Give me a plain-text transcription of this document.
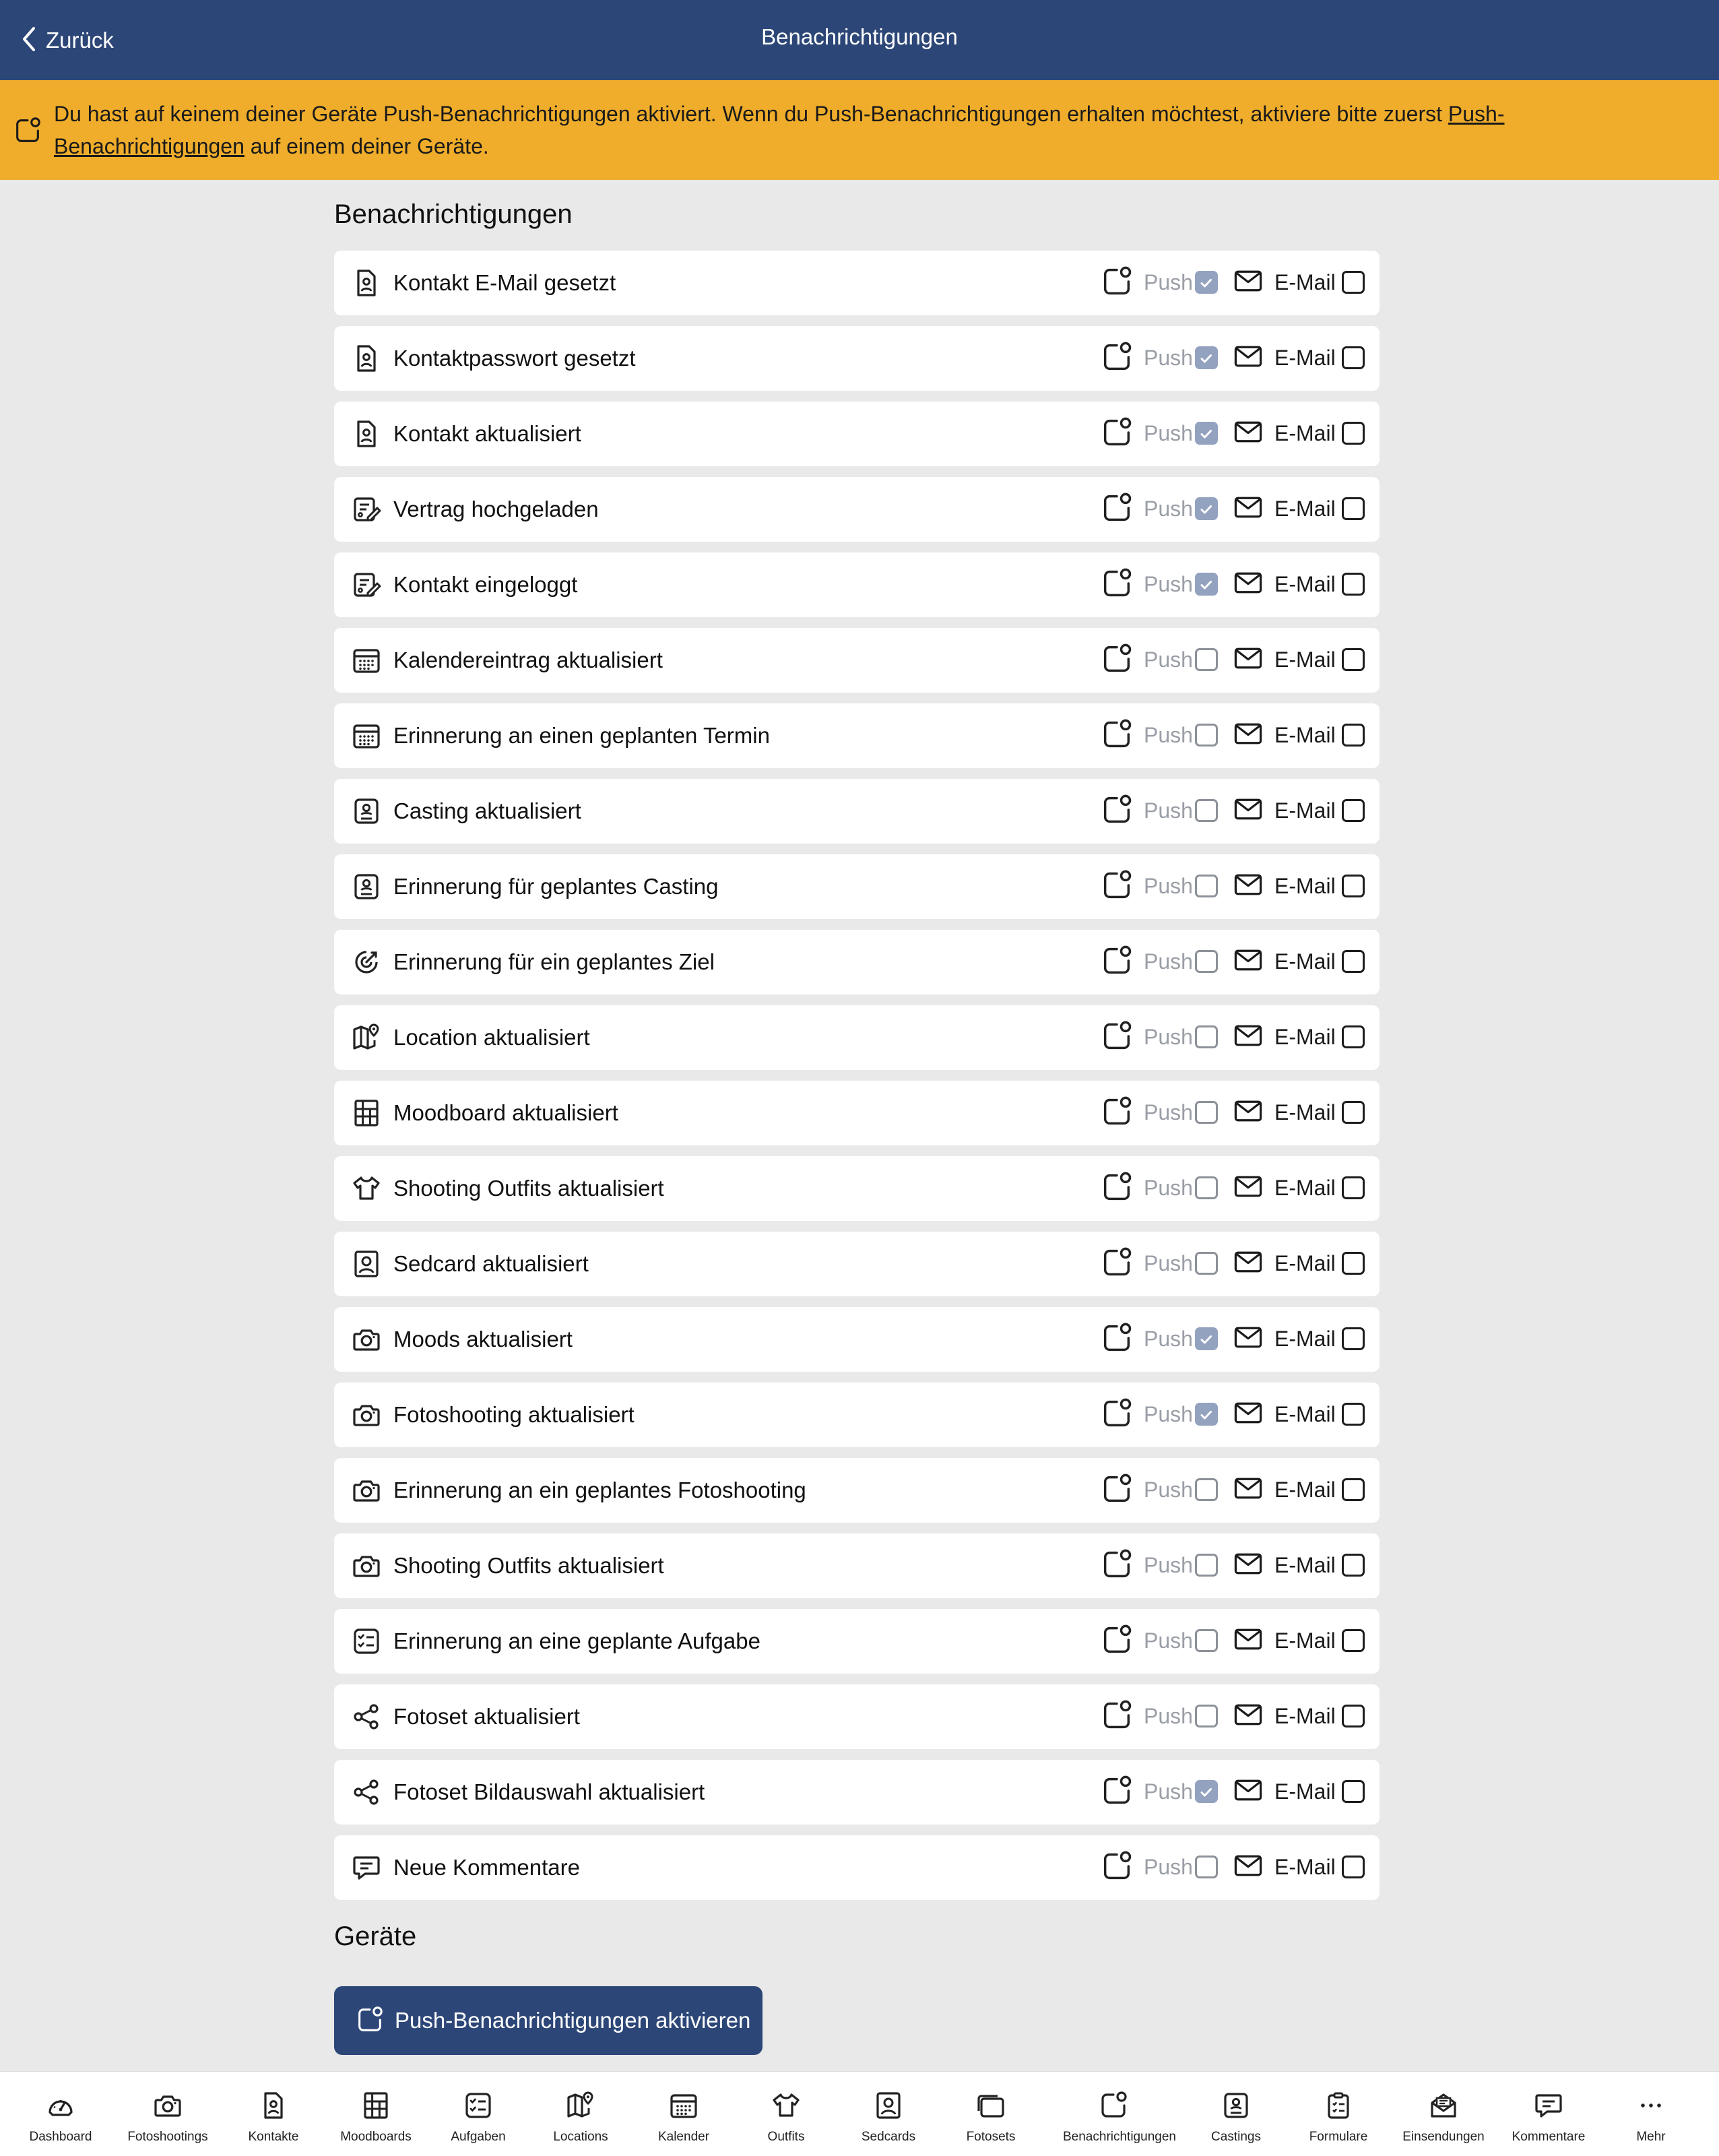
Zurück	Benachrichtigungen
Du hast auf keinem deiner Geräte Push-Benachrichtigungen aktiviert. Wenn du Push-Benachrichtigungen erhalten möchtest, aktiviere bitte zuerst Push-Benachrichtigungen auf einem deiner Geräte.
Benachrichtigungen
Kontakt E-Mail gesetzt	Push	E-Mail
Kontaktpasswort gesetzt	Push	E-Mail
Kontakt aktualisiert	Push	E-Mail
Vertrag hochgeladen	Push	E-Mail
Kontakt eingeloggt	Push	E-Mail
Kalendereintrag aktualisiert	Push	E-Mail
Erinnerung an einen geplanten Termin	Push	E-Mail
Casting aktualisiert	Push	E-Mail
Erinnerung für geplantes Casting	Push	E-Mail
Erinnerung für ein geplantes Ziel	Push	E-Mail
Location aktualisiert	Push	E-Mail
Moodboard aktualisiert	Push	E-Mail
Shooting Outfits aktualisiert	Push	E-Mail
Sedcard aktualisiert	Push	E-Mail
Moods aktualisiert	Push	E-Mail
Fotoshooting aktualisiert	Push	E-Mail
Erinnerung an ein geplantes Fotoshooting	Push	E-Mail
Shooting Outfits aktualisiert	Push	E-Mail
Erinnerung an eine geplante Aufgabe	Push	E-Mail
Fotoset aktualisiert	Push	E-Mail
Fotoset Bildauswahl aktualisiert	Push	E-Mail
Neue Kommentare	Push	E-Mail
Geräte
Push-Benachrichtigungen aktivieren
Dashboard	Fotoshootings	Kontakte	Moodboards	Aufgaben	Locations	Kalender	Outfits	Sedcards	Fotosets	Benachrichtigungen	Castings	Formulare	Einsendungen	Kommentare	Mehr
